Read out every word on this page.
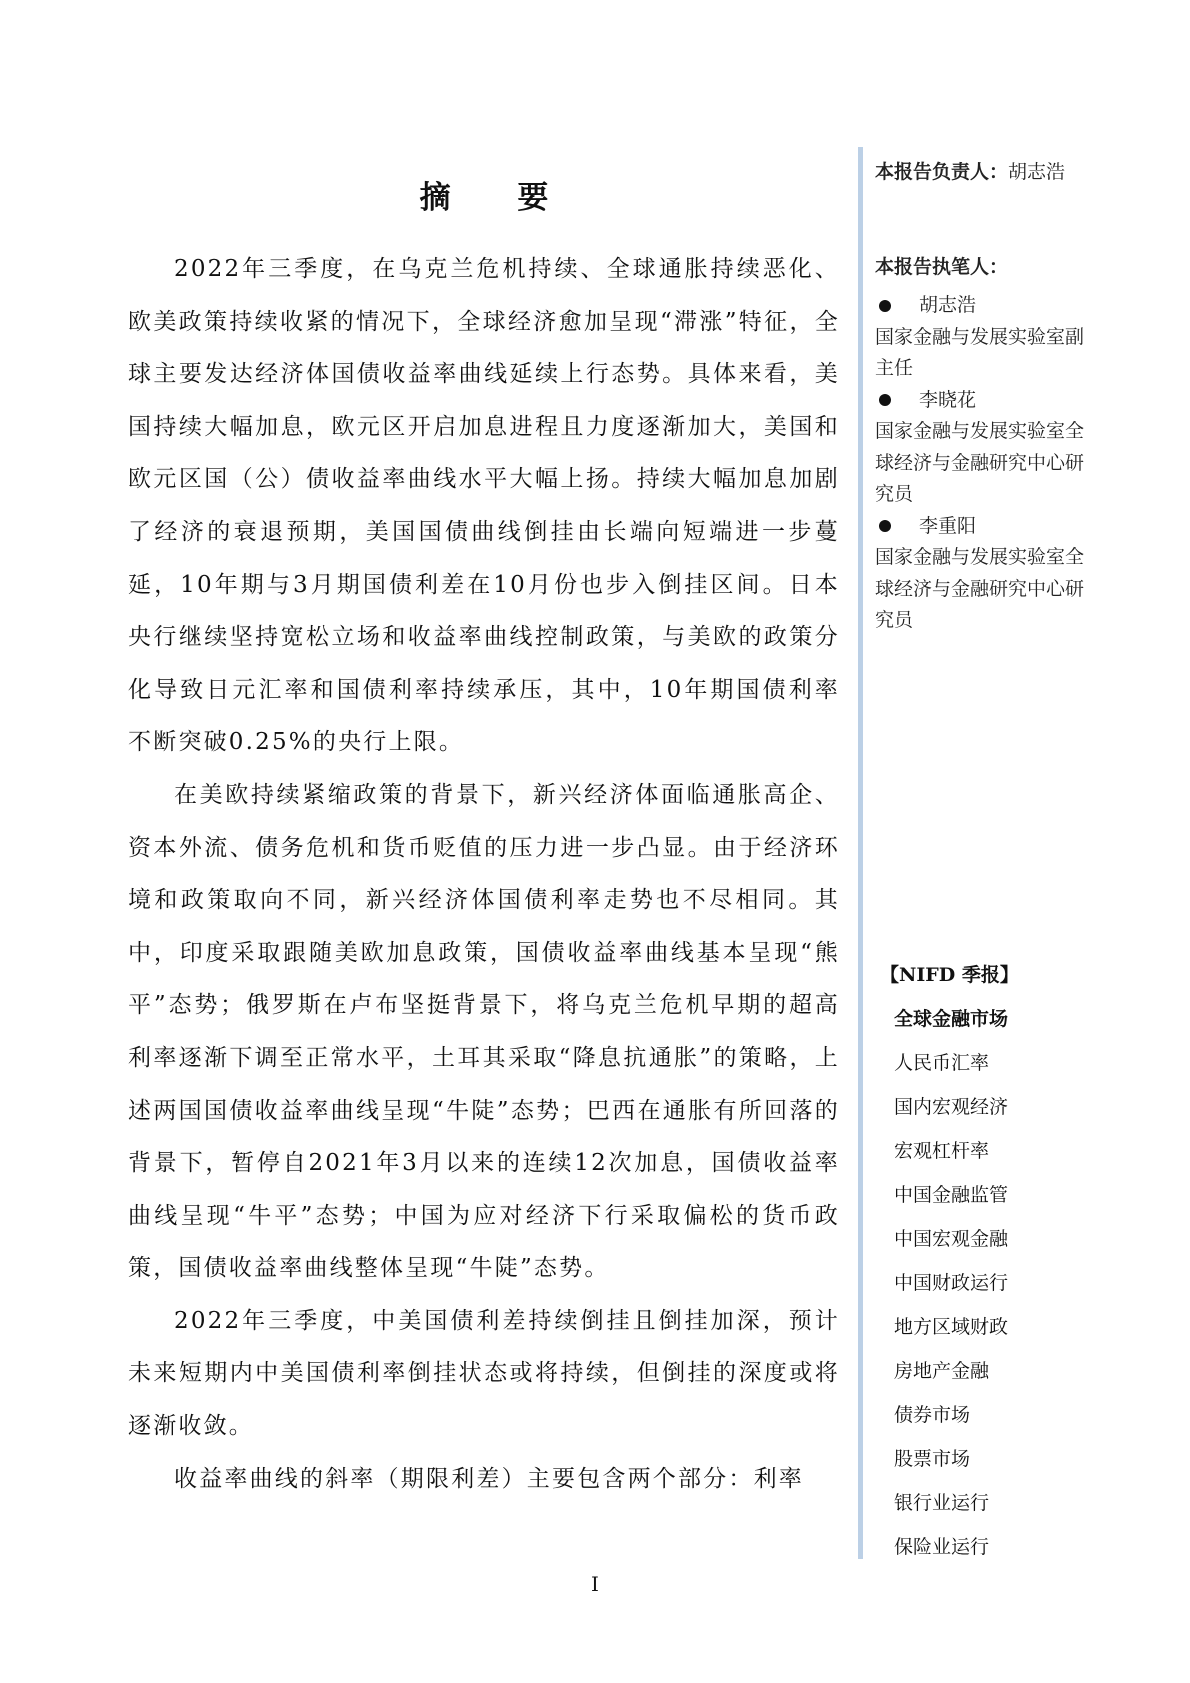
摘 要

2022年三季度，在乌克兰危机持续、全球通胀持续恶化、欧美政策持续收紧的情况下，全球经济愈加呈现“滞涨”特征，全球主要发达经济体国债收益率曲线延续上行态势。具体来看，美国持续大幅加息，欧元区开启加息进程且力度逐渐加大，美国和欧元区国（公）债收益率曲线水平大幅上扬。持续大幅加息加剧了经济的衰退预期，美国国债曲线倒挂由长端向短端进一步蔓延，10年期与3月期国债利差在10月份也步入倒挂区间。日本央行继续坚持宽松立场和收益率曲线控制政策，与美欧的政策分化导致日元汇率和国债利率持续承压，其中，10年期国债利率不断突破0.25%的央行上限。

在美欧持续紧缩政策的背景下，新兴经济体面临通胀高企、资本外流、债务危机和货币贬值的压力进一步凸显。由于经济环境和政策取向不同，新兴经济体国债利率走势也不尽相同。其中，印度采取跟随美欧加息政策，国债收益率曲线基本呈现“熊平”态势；俄罗斯在卢布坚挺背景下，将乌克兰危机早期的超高利率逐渐下调至正常水平，土耳其采取“降息抗通胀”的策略，上述两国国债收益率曲线呈现“牛陡”态势；巴西在通胀有所回落的背景下，暂停自2021年3月以来的连续12次加息，国债收益率曲线呈现“牛平”态势；中国为应对经济下行采取偏松的货币政策，国债收益率曲线整体呈现“牛陡”态势。

2022年三季度，中美国债利差持续倒挂且倒挂加深，预计未来短期内中美国债利率倒挂状态或将持续，但倒挂的深度或将逐渐收敛。

收益率曲线的斜率（期限利差）主要包含两个部分：利率

本报告负责人：胡志浩
本报告执笔人：
胡志浩
国家金融与发展实验室副主任
李晓花
国家金融与发展实验室全球经济与金融研究中心研究员
李重阳
国家金融与发展实验室全球经济与金融研究中心研究员
【NIFD 季报】
全球金融市场
人民币汇率
国内宏观经济
宏观杠杆率
中国金融监管
中国宏观金融
中国财政运行
地方区域财政
房地产金融
债券市场
股票市场
银行业运行
保险业运行
I
